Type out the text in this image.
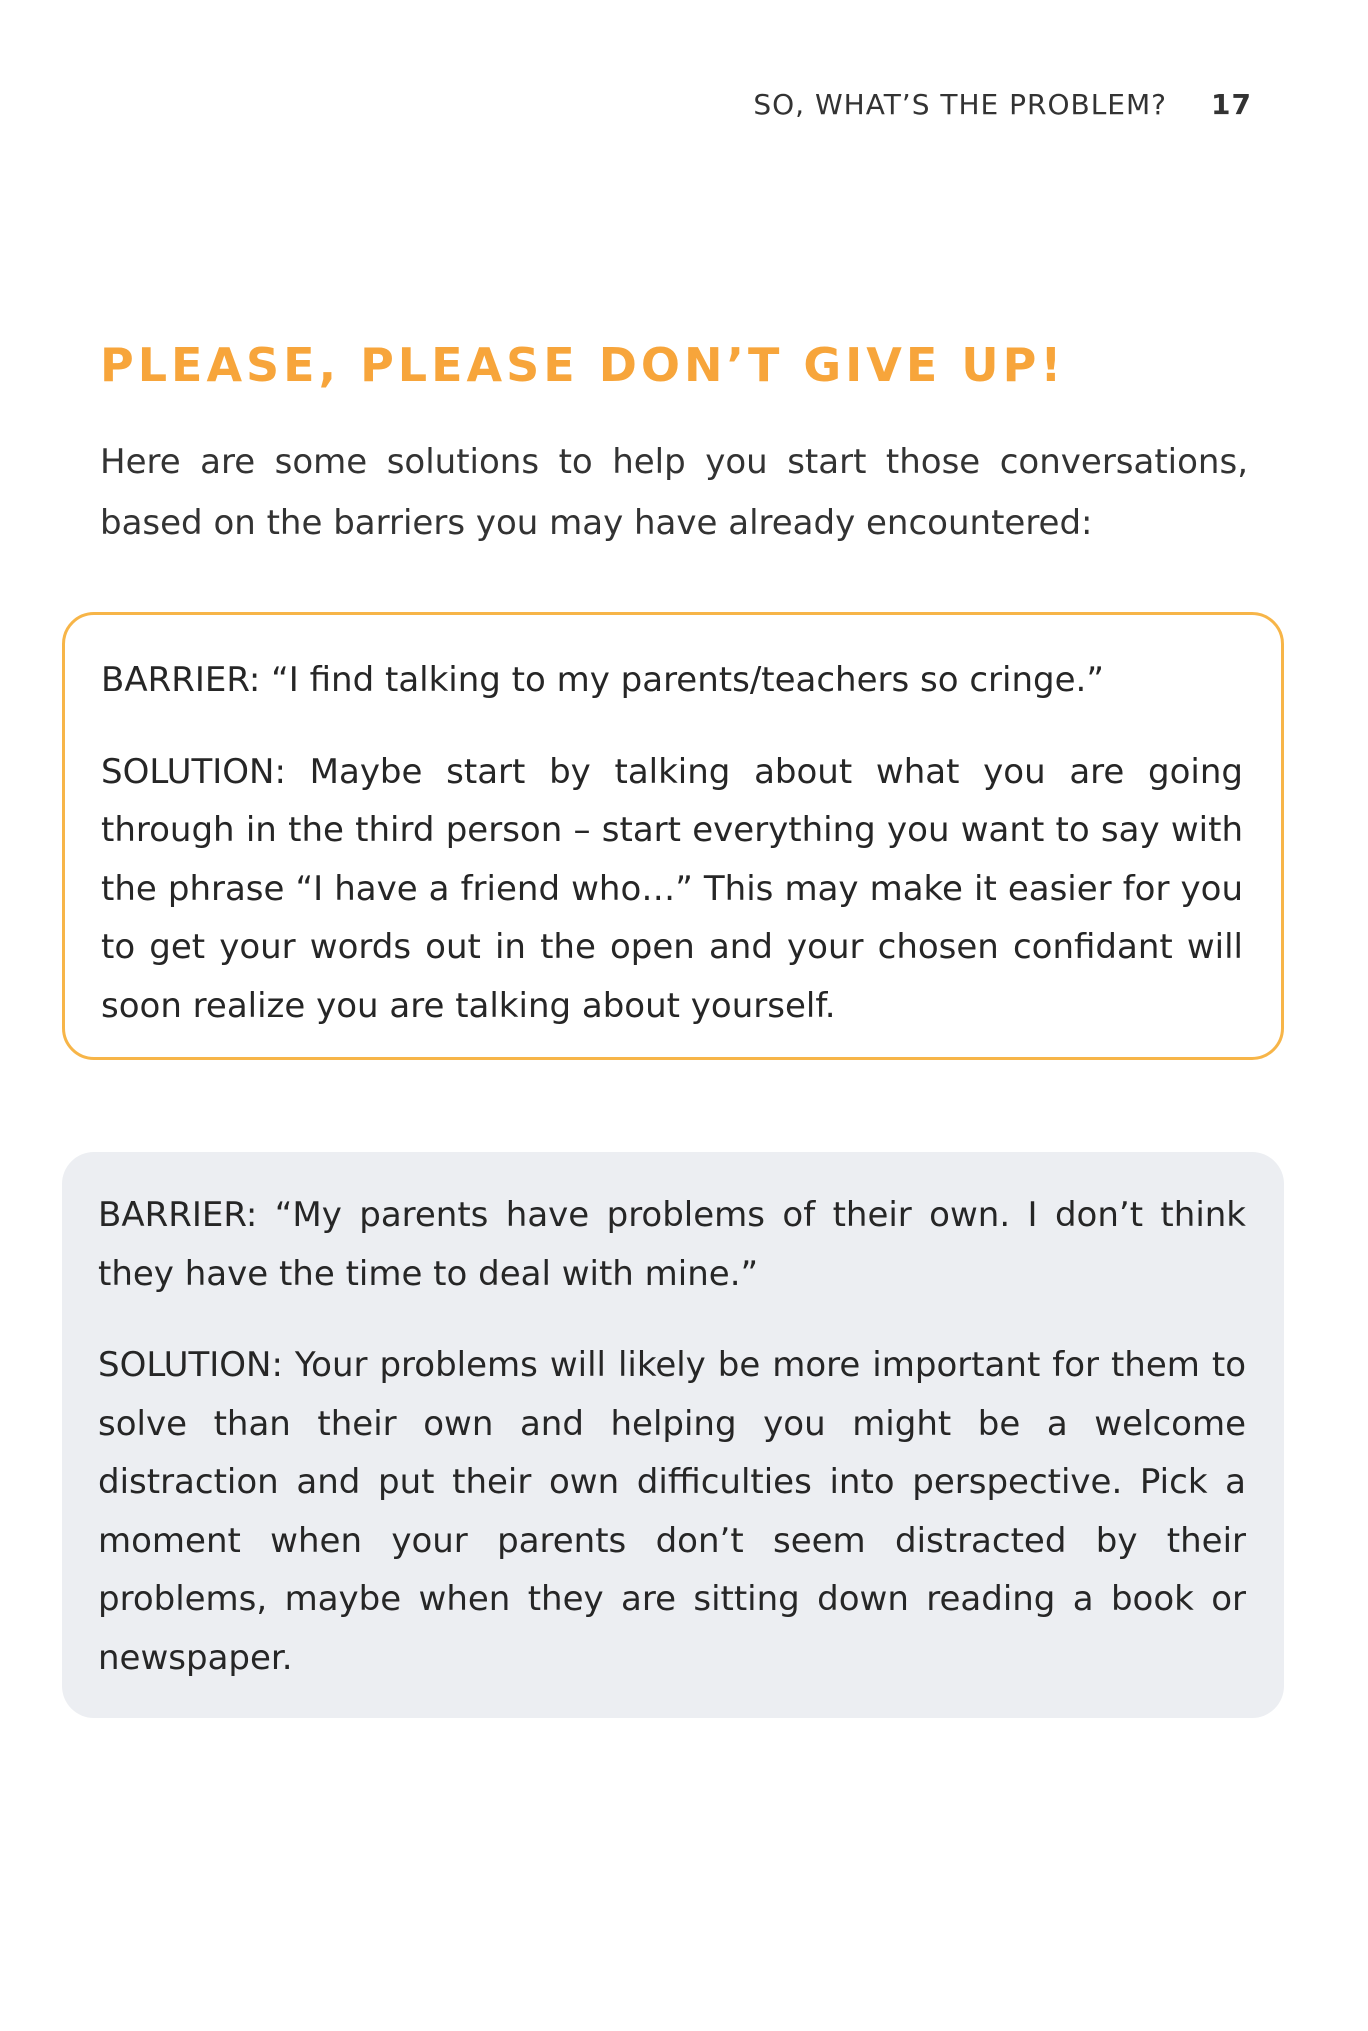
SO, WHAT’S THE PROBLEM? 17
PLEASE, PLEASE DON’T GIVE UP!

Here are some solutions to help you start those conversations, based on the barriers you may have already encountered:

BARRIER: “I find talking to my parents/teachers so cringe.”

SOLUTION: Maybe start by talking about what you are going through in the third person – start everything you want to say with the phrase “I have a friend who…” This may make it easier for you to get your words out in the open and your chosen confidant will soon realize you are talking about yourself.

BARRIER: “My parents have problems of their own. I don’t think they have the time to deal with mine.”

SOLUTION: Your problems will likely be more important for them to solve than their own and helping you might be a welcome distraction and put their own difficulties into perspective. Pick a moment when your parents don’t seem distracted by their problems, maybe when they are sitting down reading a book or newspaper.
